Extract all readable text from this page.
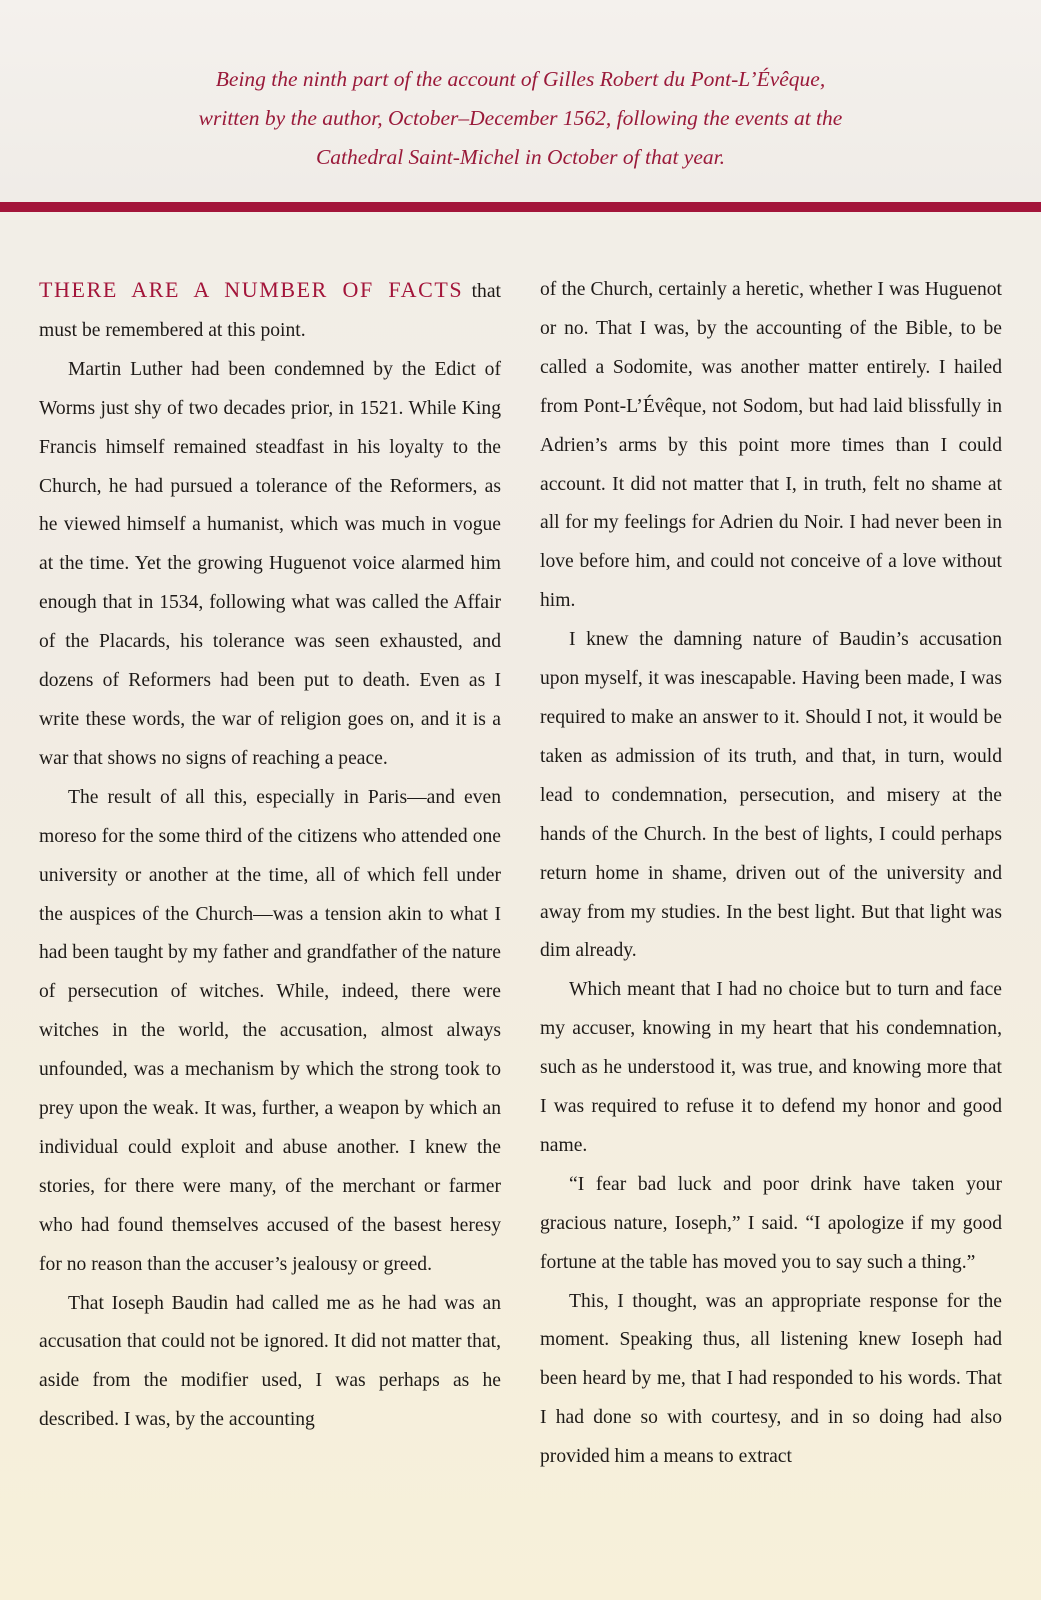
Being the ninth part of the account of Gilles Robert du Pont-L’Évêque,
written by the author, October–December 1562, following the events at the
Cathedral Saint-Michel in October of that year.

THERE ARE A NUMBER OF FACTS that must be remembered at this point.

Martin Luther had been condemned by the Edict of Worms just shy of two decades prior, in 1521. While King Francis himself remained steadfast in his loyalty to the Church, he had pursued a tolerance of the Reformers, as he viewed himself a humanist, which was much in vogue at the time. Yet the growing Huguenot voice alarmed him enough that in 1534, following what was called the Affair of the Placards, his tolerance was seen exhausted, and dozens of Reformers had been put to death. Even as I write these words, the war of religion goes on, and it is a war that shows no signs of reaching a peace.

The result of all this, especially in Paris—and even moreso for the some third of the citizens who attended one university or another at the time, all of which fell under the auspices of the Church—was a tension akin to what I had been taught by my father and grandfather of the nature of persecution of witches. While, indeed, there were witches in the world, the accusation, almost always unfounded, was a mechanism by which the strong took to prey upon the weak. It was, further, a weapon by which an individual could exploit and abuse another. I knew the stories, for there were many, of the merchant or farmer who had found themselves accused of the basest heresy for no reason than the accuser’s jealousy or greed.

That Ioseph Baudin had called me as he had was an accusation that could not be ignored. It did not matter that, aside from the modifier used, I was perhaps as he described. I was, by the accounting

of the Church, certainly a heretic, whether I was Huguenot or no. That I was, by the accounting of the Bible, to be called a Sodomite, was another matter entirely. I hailed from Pont-L’Évêque, not Sodom, but had laid blissfully in Adrien’s arms by this point more times than I could account. It did not matter that I, in truth, felt no shame at all for my feelings for Adrien du Noir. I had never been in love before him, and could not conceive of a love without him.

I knew the damning nature of Baudin’s accusation upon myself, it was inescapable. Having been made, I was required to make an answer to it. Should I not, it would be taken as admission of its truth, and that, in turn, would lead to condemnation, persecution, and misery at the hands of the Church. In the best of lights, I could perhaps return home in shame, driven out of the university and away from my studies. In the best light. But that light was dim already.

Which meant that I had no choice but to turn and face my accuser, knowing in my heart that his condemnation, such as he understood it, was true, and knowing more that I was required to refuse it to defend my honor and good name.

“I fear bad luck and poor drink have taken your gracious nature, Ioseph,” I said. “I apologize if my good fortune at the table has moved you to say such a thing.”

This, I thought, was an appropriate response for the moment. Speaking thus, all listening knew Ioseph had been heard by me, that I had responded to his words. That I had done so with courtesy, and in so doing had also provided him a means to extract
